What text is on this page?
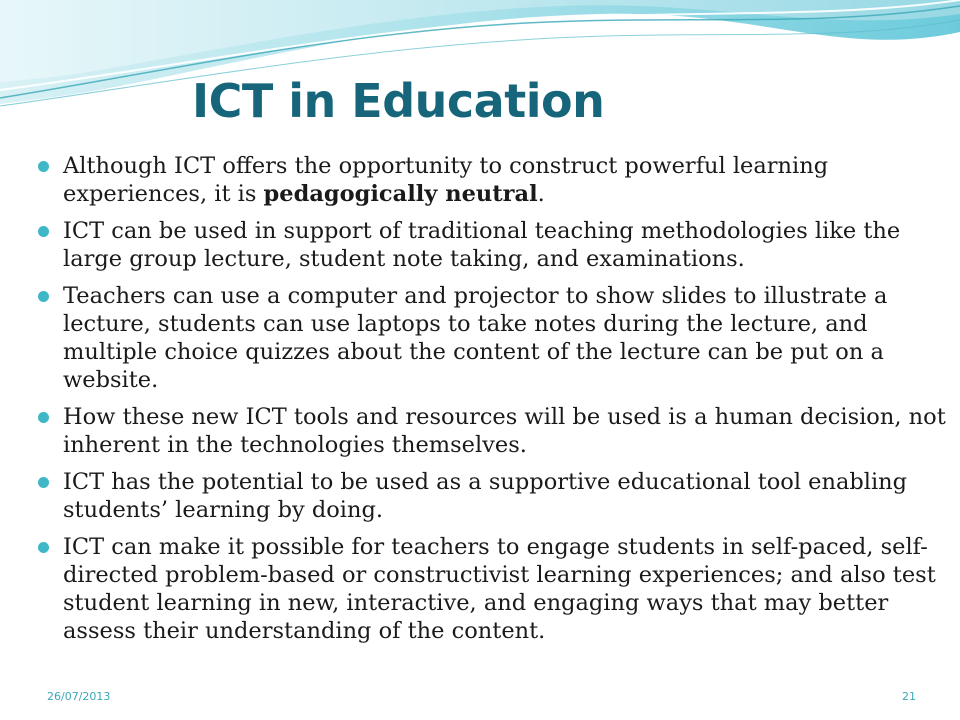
ICT in Education
Although ICT offers the opportunity to construct powerful learning experiences, it is pedagogically neutral.
ICT can be used in support of traditional teaching methodologies like the large group lecture, student note taking, and examinations.
Teachers can use a computer and projector to show slides to illustrate a lecture, students can use laptops to take notes during the lecture, and multiple choice quizzes about the content of the lecture can be put on a website.
How these new ICT tools and resources will be used is a human decision, not inherent in the technologies themselves.
ICT has the potential to be used as a supportive educational tool enabling students’ learning by doing.
ICT can make it possible for teachers to engage students in self-paced, self-directed problem-based or constructivist learning experiences; and also test student learning in new, interactive, and engaging ways that may better assess their understanding of the content.
26/07/2013	21
